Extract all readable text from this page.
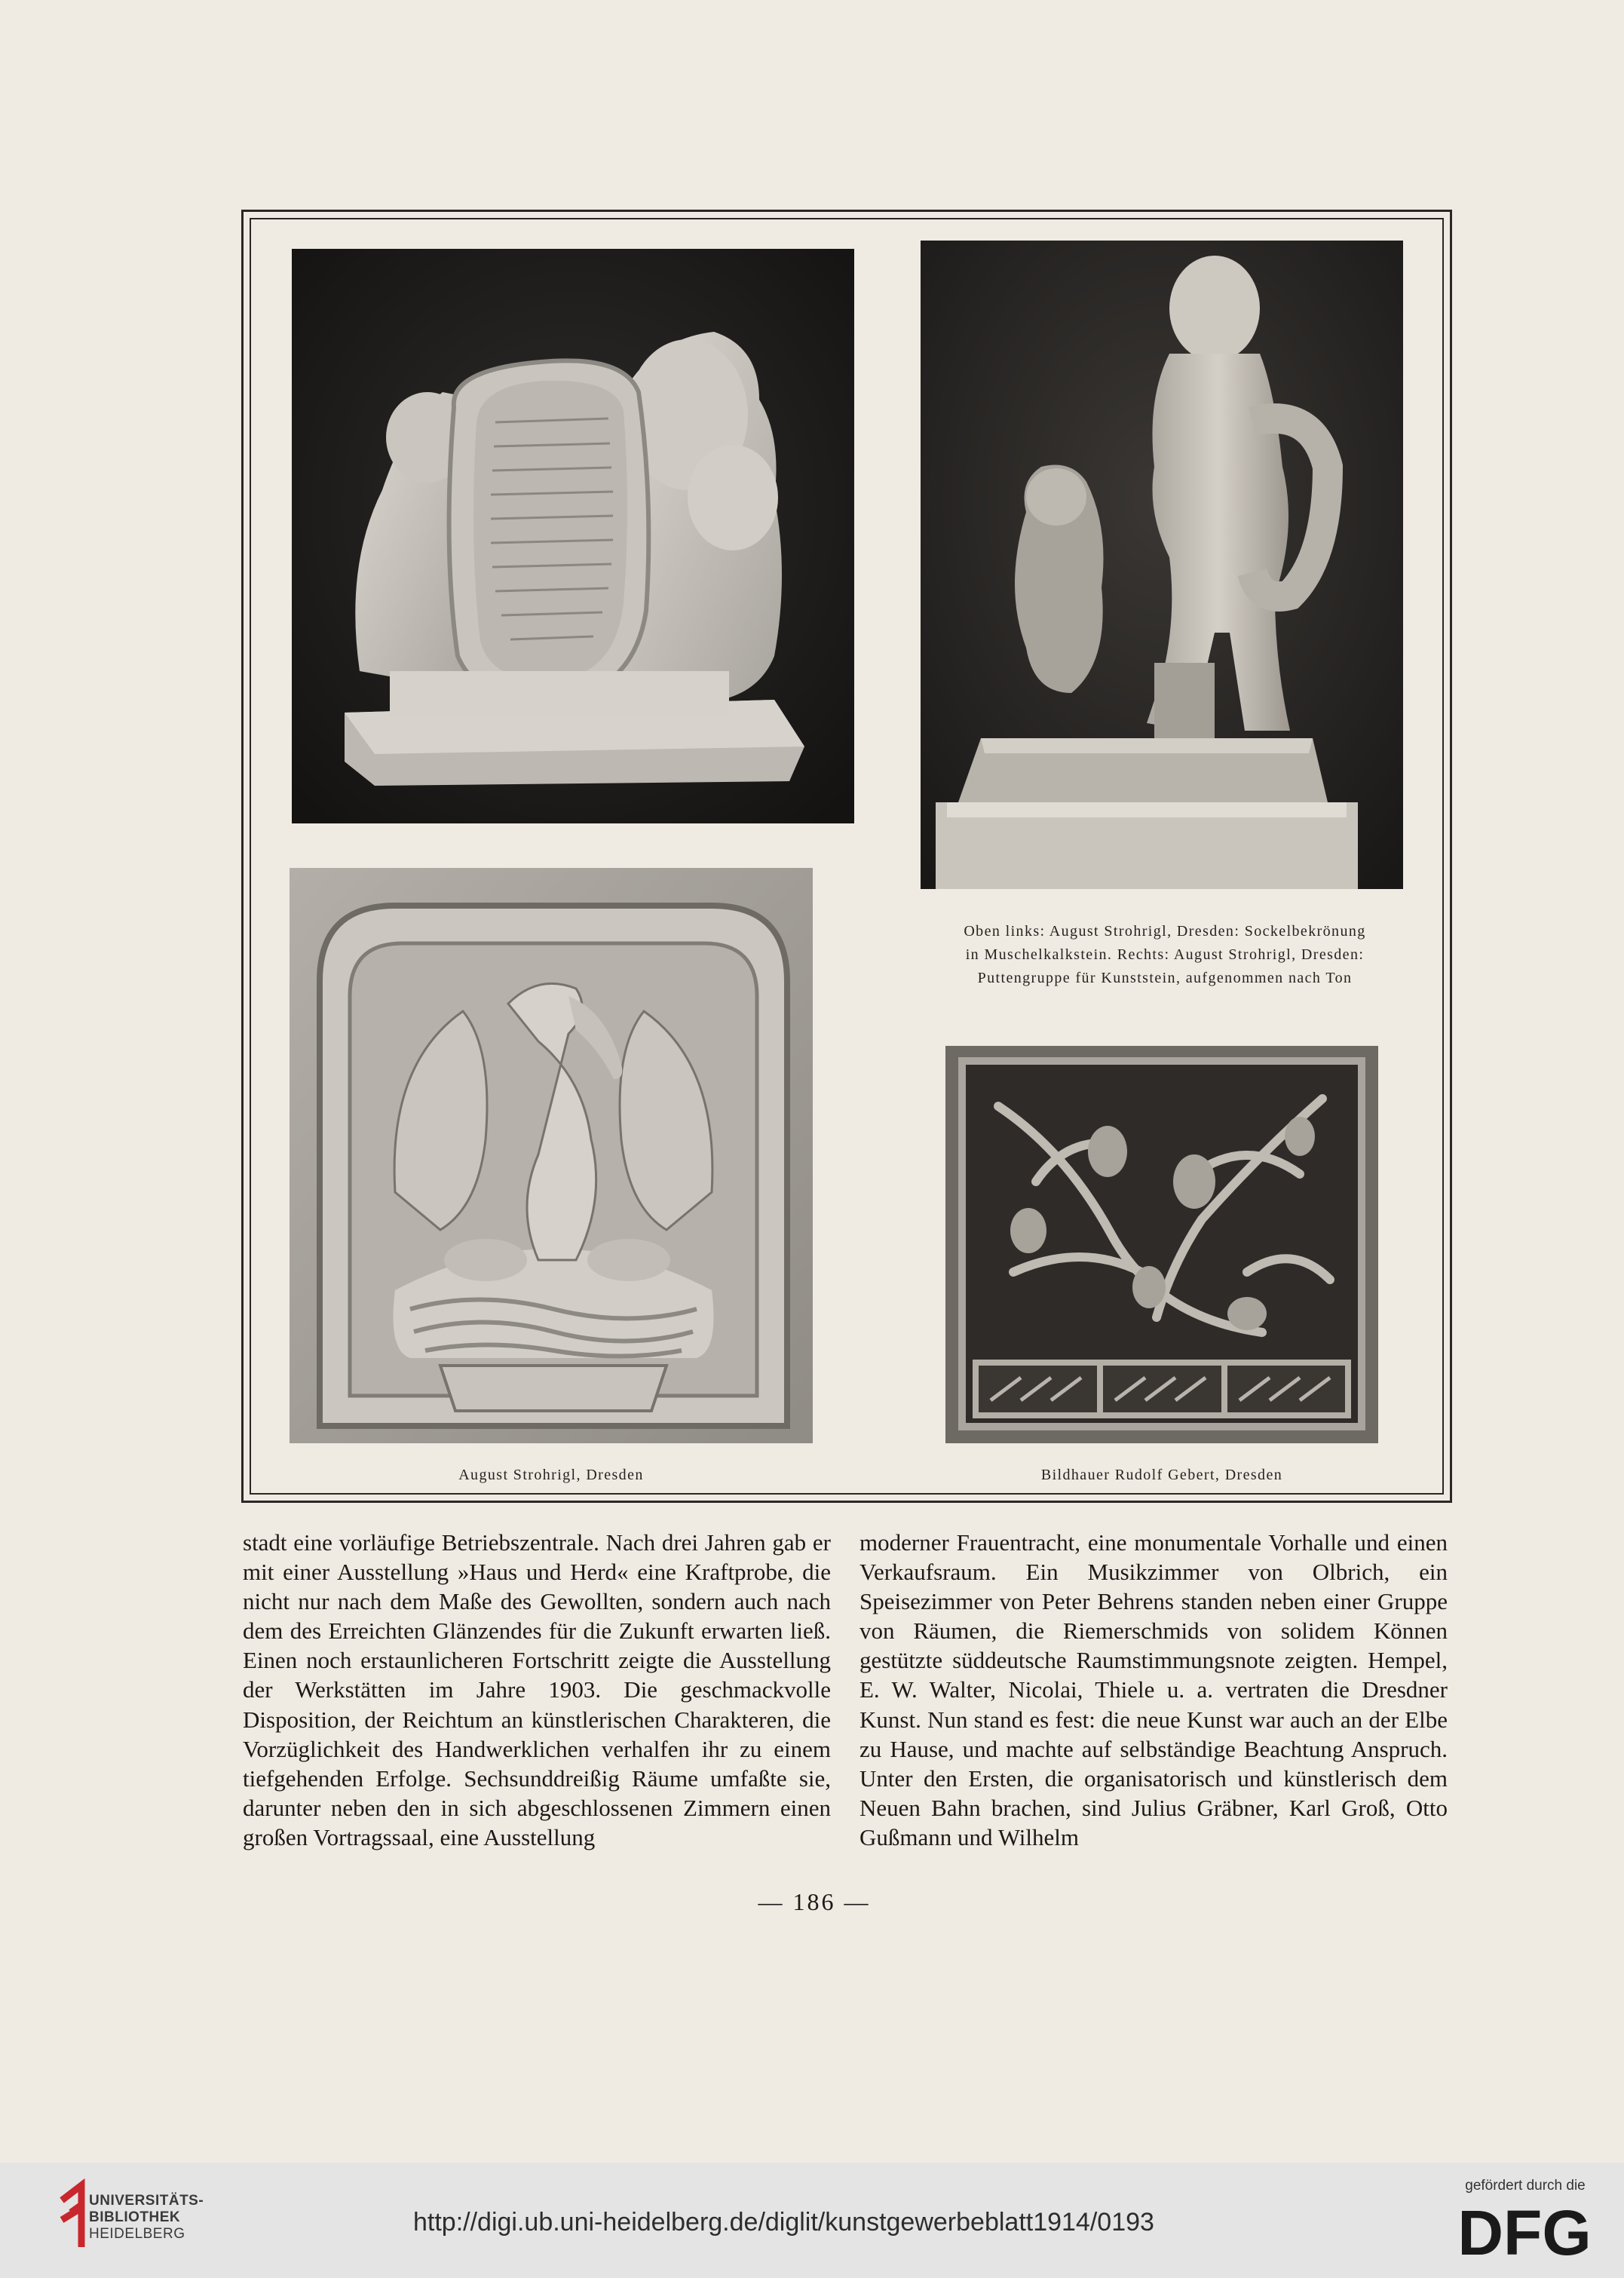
Oben links: August Strohrigl, Dresden: Sockelbekrönung
in Muschelkalkstein. Rechts: August Strohrigl, Dresden:
Puttengruppe für Kunststein, aufgenommen nach Ton
August Strohrigl, Dresden	Bildhauer Rudolf Gebert, Dresden

stadt eine vorläufige Betriebszentrale. Nach drei Jahren gab er mit einer Ausstellung »Haus und Herd« eine Kraftprobe, die nicht nur nach dem Maße des Gewollten, sondern auch nach dem des Erreichten Glänzendes für die Zukunft erwarten ließ. Einen noch erstaunlicheren Fortschritt zeigte die Ausstellung der Werkstätten im Jahre 1903. Die geschmackvolle Disposition, der Reichtum an künstlerischen Charakteren, die Vorzüglichkeit des Handwerklichen verhalfen ihr zu einem tiefgehenden Erfolge. Sechsunddreißig Räume umfaßte sie, darunter neben den in sich abgeschlossenen Zimmern einen großen Vortragssaal, eine Ausstellung

moderner Frauentracht, eine monumentale Vorhalle und einen Verkaufsraum. Ein Musikzimmer von Olbrich, ein Speisezimmer von Peter Behrens standen neben einer Gruppe von Räumen, die Riemerschmids von solidem Können gestützte süddeutsche Raumstimmungsnote zeigten. Hempel, E. W. Walter, Nicolai, Thiele u. a. vertraten die Dresdner Kunst. Nun stand es fest: die neue Kunst war auch an der Elbe zu Hause, und machte auf selbständige Beachtung Anspruch. Unter den Ersten, die organisatorisch und künstlerisch dem Neuen Bahn brachen, sind Julius Gräbner, Karl Groß, Otto Gußmann und Wilhelm

— 186 —
UNIVERSITÄTS-
BIBLIOTHEK
HEIDELBERG	http://digi.ub.uni-heidelberg.de/diglit/kunstgewerbeblatt1914/0193
gefördert durch die
DFG
